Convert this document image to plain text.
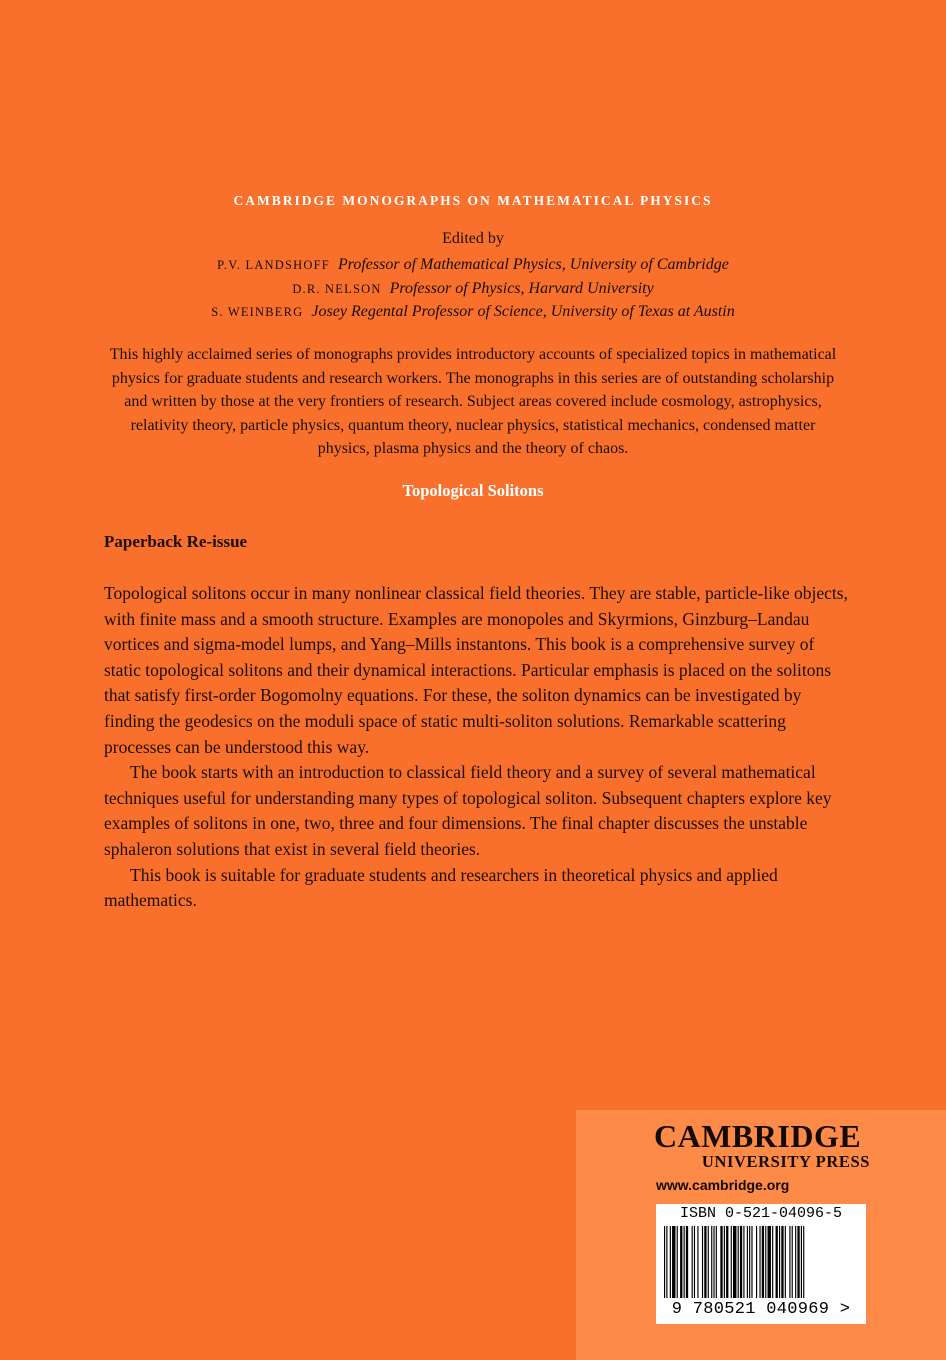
CAMBRIDGE MONOGRAPHS ON MATHEMATICAL PHYSICS
Edited by
P.V. LANDSHOFF Professor of Mathematical Physics, University of Cambridge
D.R. NELSON Professor of Physics, Harvard University
S. WEINBERG Josey Regental Professor of Science, University of Texas at Austin

This highly acclaimed series of monographs provides introductory accounts of specialized topics in mathematical physics for graduate students and research workers. The monographs in this series are of outstanding scholarship and written by those at the very frontiers of research. Subject areas covered include cosmology, astrophysics, relativity theory, particle physics, quantum theory, nuclear physics, statistical mechanics, condensed matter physics, plasma physics and the theory of chaos.

Topological Solitons
Paperback Re-issue

Topological solitons occur in many nonlinear classical field theories. They are stable, particle-like objects, with finite mass and a smooth structure. Examples are monopoles and Skyrmions, Ginzburg–Landau vortices and sigma-model lumps, and Yang–Mills instantons. This book is a comprehensive survey of static topological solitons and their dynamical interactions. Particular emphasis is placed on the solitons that satisfy first-order Bogomolny equations. For these, the soliton dynamics can be investigated by finding the geodesics on the moduli space of static multi-soliton solutions. Remarkable scattering processes can be understood this way.

The book starts with an introduction to classical field theory and a survey of several mathematical techniques useful for understanding many types of topological soliton. Subsequent chapters explore key examples of solitons in one, two, three and four dimensions. The final chapter discusses the unstable sphaleron solutions that exist in several field theories.

This book is suitable for graduate students and researchers in theoretical physics and applied mathematics.

CAMBRIDGE
UNIVERSITY PRESS
www.cambridge.org
ISBN 0-521-04096-5
9 780521 040969 >
